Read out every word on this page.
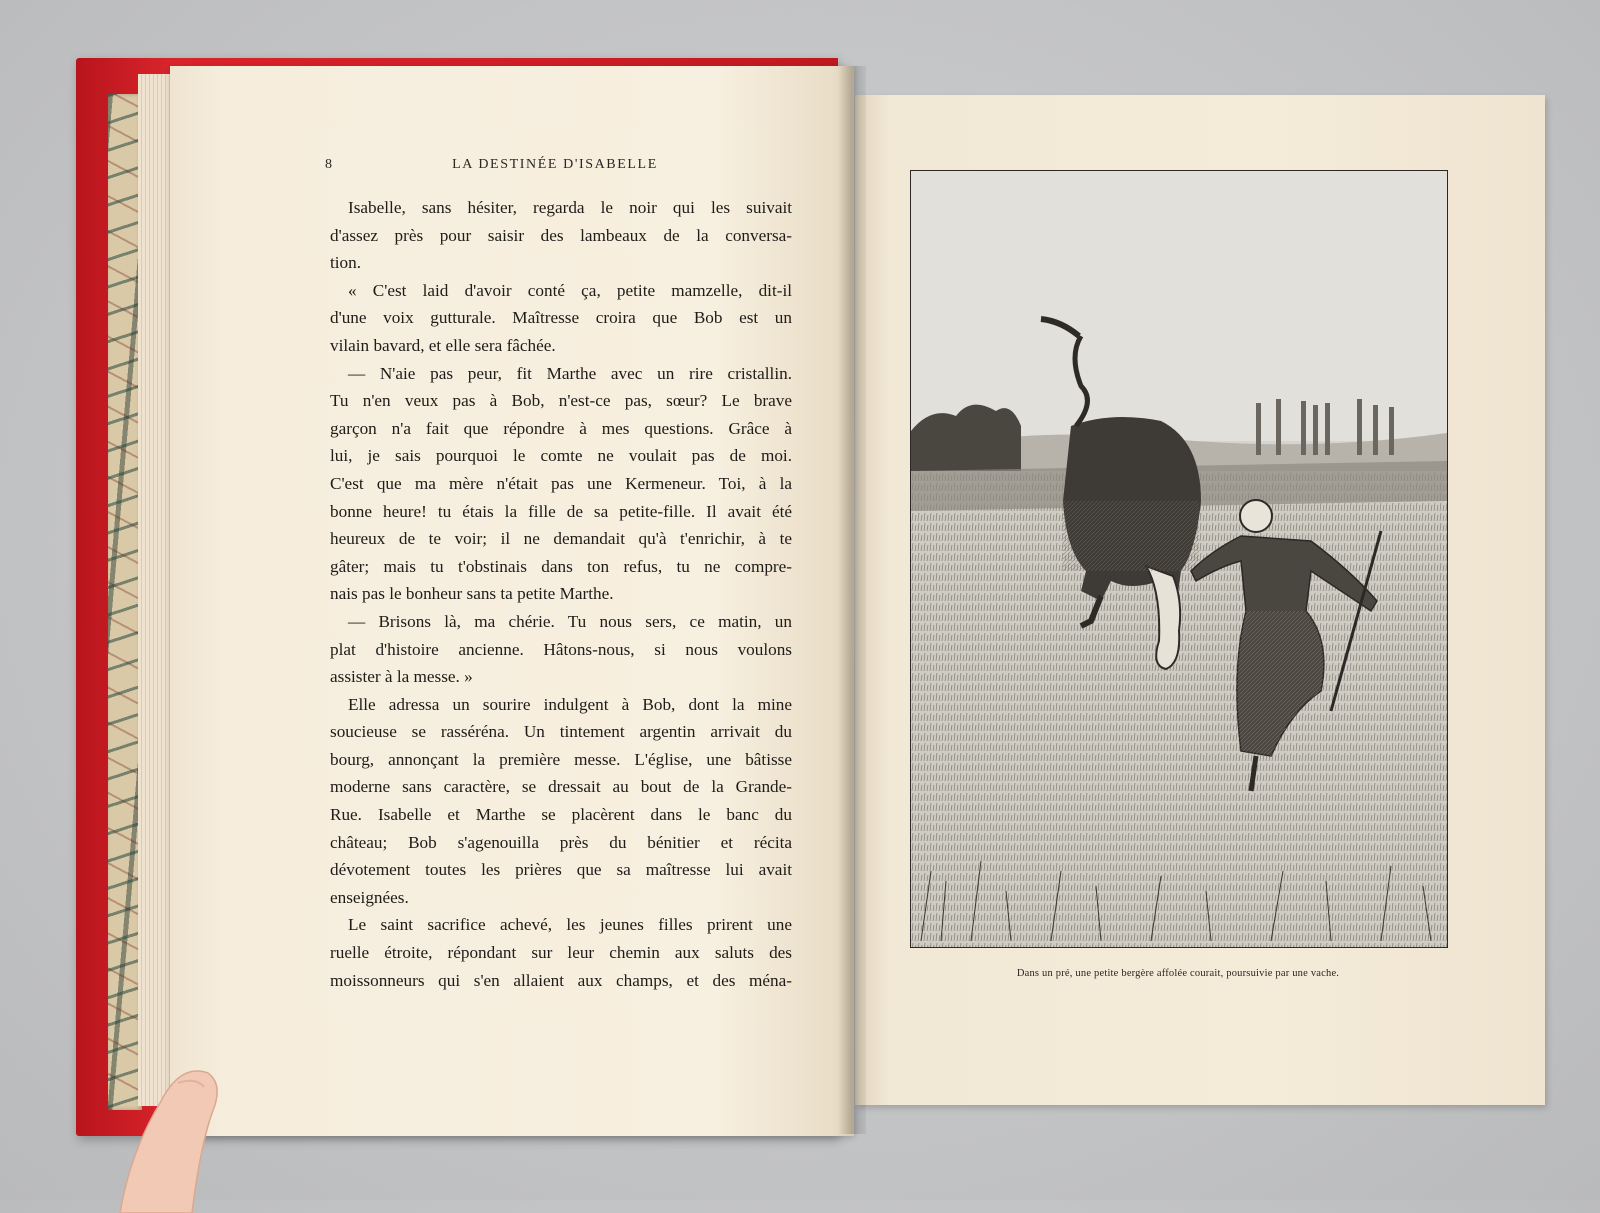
8	LA DESTINÉE D'ISABELLE
Isabelle, sans hésiter, regarda le noir qui les suivait
d'assez près pour saisir des lambeaux de la conversa-
tion.
« C'est laid d'avoir conté ça, petite mamzelle, dit-il
d'une voix gutturale. Maîtresse croira que Bob est un
vilain bavard, et elle sera fâchée.
— N'aie pas peur, fit Marthe avec un rire cristallin.
Tu n'en veux pas à Bob, n'est-ce pas, sœur? Le brave
garçon n'a fait que répondre à mes questions. Grâce à
lui, je sais pourquoi le comte ne voulait pas de moi.
C'est que ma mère n'était pas une Kermeneur. Toi, à la
bonne heure! tu étais la fille de sa petite-fille. Il avait été
heureux de te voir; il ne demandait qu'à t'enrichir, à te
gâter; mais tu t'obstinais dans ton refus, tu ne compre-
nais pas le bonheur sans ta petite Marthe.
— Brisons là, ma chérie. Tu nous sers, ce matin, un
plat d'histoire ancienne. Hâtons-nous, si nous voulons
assister à la messe. »
Elle adressa un sourire indulgent à Bob, dont la mine
soucieuse se rasséréna. Un tintement argentin arrivait du
bourg, annonçant la première messe. L'église, une bâtisse
moderne sans caractère, se dressait au bout de la Grande-
Rue. Isabelle et Marthe se placèrent dans le banc du
château; Bob s'agenouilla près du bénitier et récita
dévotement toutes les prières que sa maîtresse lui avait
enseignées.
Le saint sacrifice achevé, les jeunes filles prirent une
ruelle étroite, répondant sur leur chemin aux saluts des
moissonneurs qui s'en allaient aux champs, et des ména-	Dans un pré, une petite bergère affolée courait, poursuivie par une vache.
